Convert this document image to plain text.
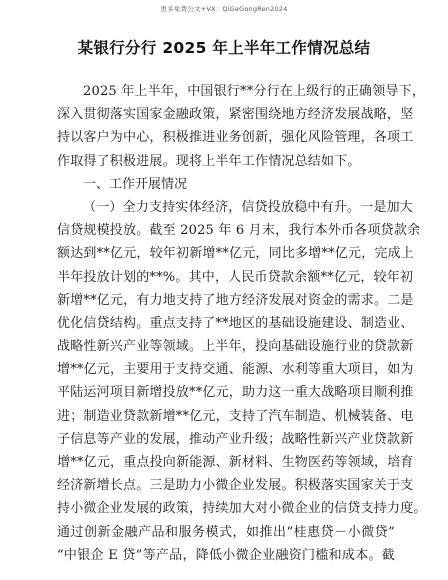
更多免费公文+VX：QiGeGongRen2024
某银行分行 2025 年上半年工作情况总结
2025 年上半年，中国银行**分行在上级行的正确领导下，
深入贯彻落实国家金融政策，紧密围绕地方经济发展战略，坚
持以客户为中心，积极推进业务创新，强化风险管理，各项工
作取得了积极进展。现将上半年工作情况总结如下。
一、工作开展情况
（一）全力支持实体经济，信贷投放稳中有升。一是加大
信贷规模投放。截至 2025 年 6 月末，我行本外币各项贷款余
额达到**亿元，较年初新增**亿元，同比多增**亿元，完成上
半年投放计划的**%。其中，人民币贷款余额**亿元，较年初
新增**亿元，有力地支持了地方经济发展对资金的需求。二是
优化信贷结构。重点支持了**地区的基础设施建设、制造业、
战略性新兴产业等领域。上半年，投向基础设施行业的贷款新
增**亿元，主要用于支持交通、能源、水利等重大项目，如为
平陆运河项目新增投放**亿元，助力这一重大战略项目顺利推
进；制造业贷款新增**亿元，支持了汽车制造、机械装备、电
子信息等产业的发展，推动产业升级；战略性新兴产业贷款新
增**亿元，重点投向新能源、新材料、生物医药等领域，培育
经济新增长点。三是助力小微企业发展。积极落实国家关于支
持小微企业发展的政策，持续加大对小微企业的信贷支持力度。
通过创新金融产品和服务模式，如推出“桂惠贷－小微贷”
“中银企 E 贷”等产品，降低小微企业融资门槛和成本。截
